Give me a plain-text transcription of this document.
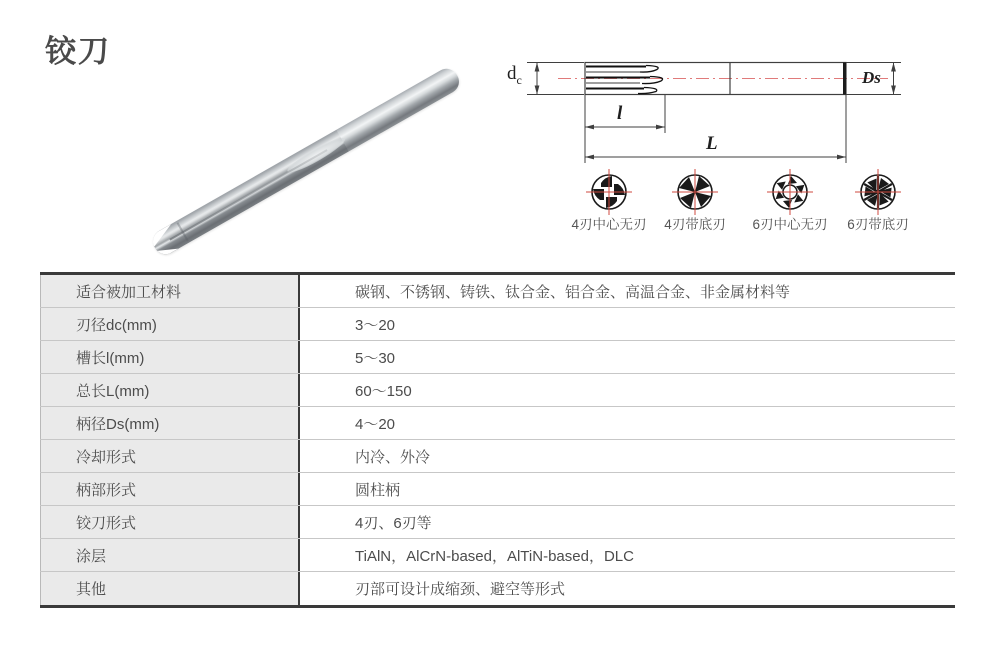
铰刀
$d_c$	Ds
l
L
4刃中心无刃 4刃带底刃 6刃中心无刃 6刃带底刃
适合被加工材料	碳钢、不锈钢、铸铁、钛合金、铝合金、高温合金、非金属材料等
刃径dc(mm)	3～20
槽长l(mm)	5～30
总长L(mm)	60～150
柄径Ds(mm)	4～20
冷却形式	内冷、外冷
柄部形式	圆柱柄
铰刀形式	4刃、6刃等
涂层	TiAlN，AlCrN-based，AlTiN-based，DLC
其他	刃部可设计成缩颈、避空等形式
